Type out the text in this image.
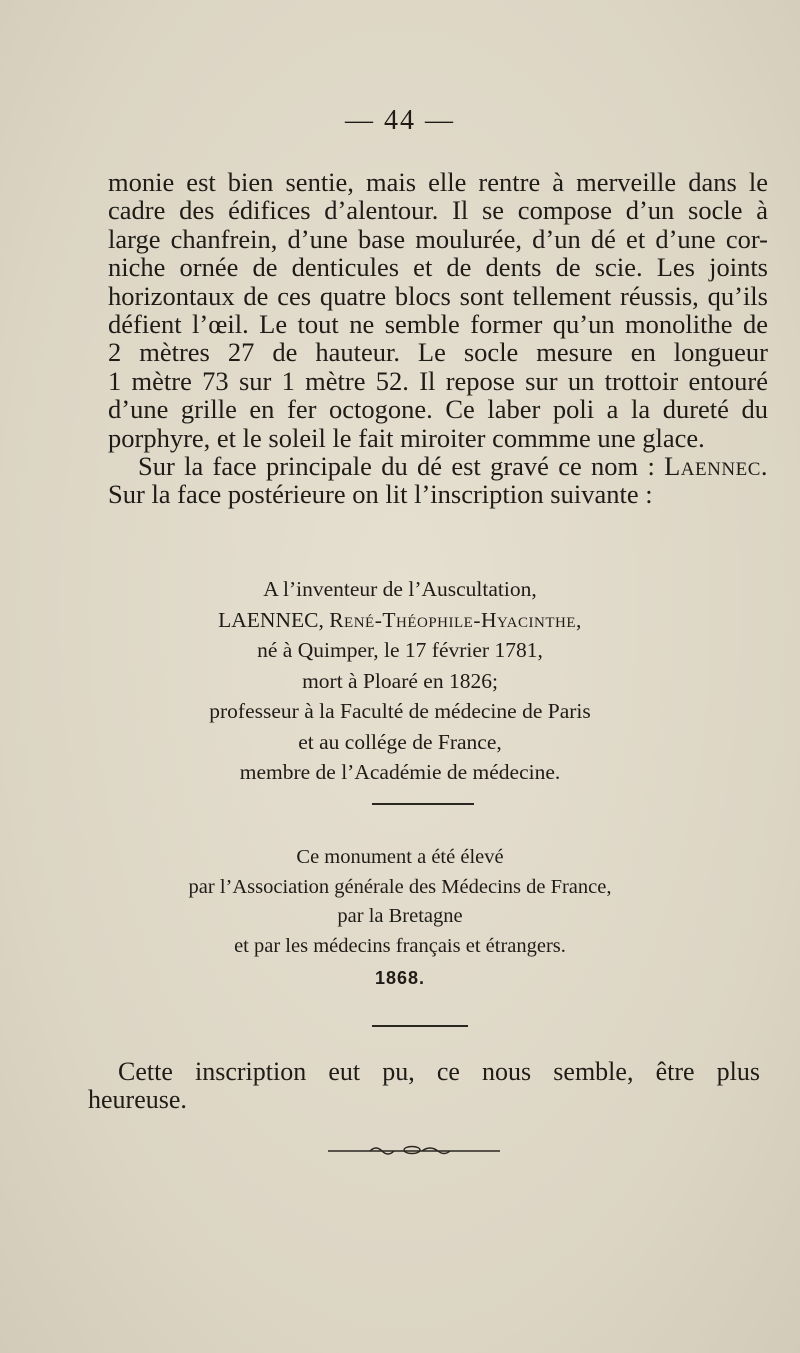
— 44 —
monie est bien sentie, mais elle rentre à merveille dans le
cadre des édifices d’alentour. Il se compose d’un socle à
large chanfrein, d’une base moulurée, d’un dé et d’une cor-
niche ornée de denticules et de dents de scie. Les joints
horizontaux de ces quatre blocs sont tellement réussis, qu’ils
défient l’œil. Le tout ne semble former qu’un monolithe de
2 mètres 27 de hauteur. Le socle mesure en longueur
1 mètre 73 sur 1 mètre 52. Il repose sur un trottoir entouré
d’une grille en fer octogone. Ce laber poli a la dureté du
porphyre, et le soleil le fait miroiter commme une glace.
Sur la face principale du dé est gravé ce nom : Laennec.
Sur la face postérieure on lit l’inscription suivante :
A l’inventeur de l’Auscultation,
LAENNEC, René-Théophile-Hyacinthe,
né à Quimper, le 17 février 1781,
mort à Ploaré en 1826;
professeur à la Faculté de médecine de Paris
et au collége de France,
membre de l’Académie de médecine.
Ce monument a été élevé
par l’Association générale des Médecins de France,
par la Bretagne
et par les médecins français et étrangers.
1868.
Cette inscription eut pu, ce nous semble, être plus
heureuse.
